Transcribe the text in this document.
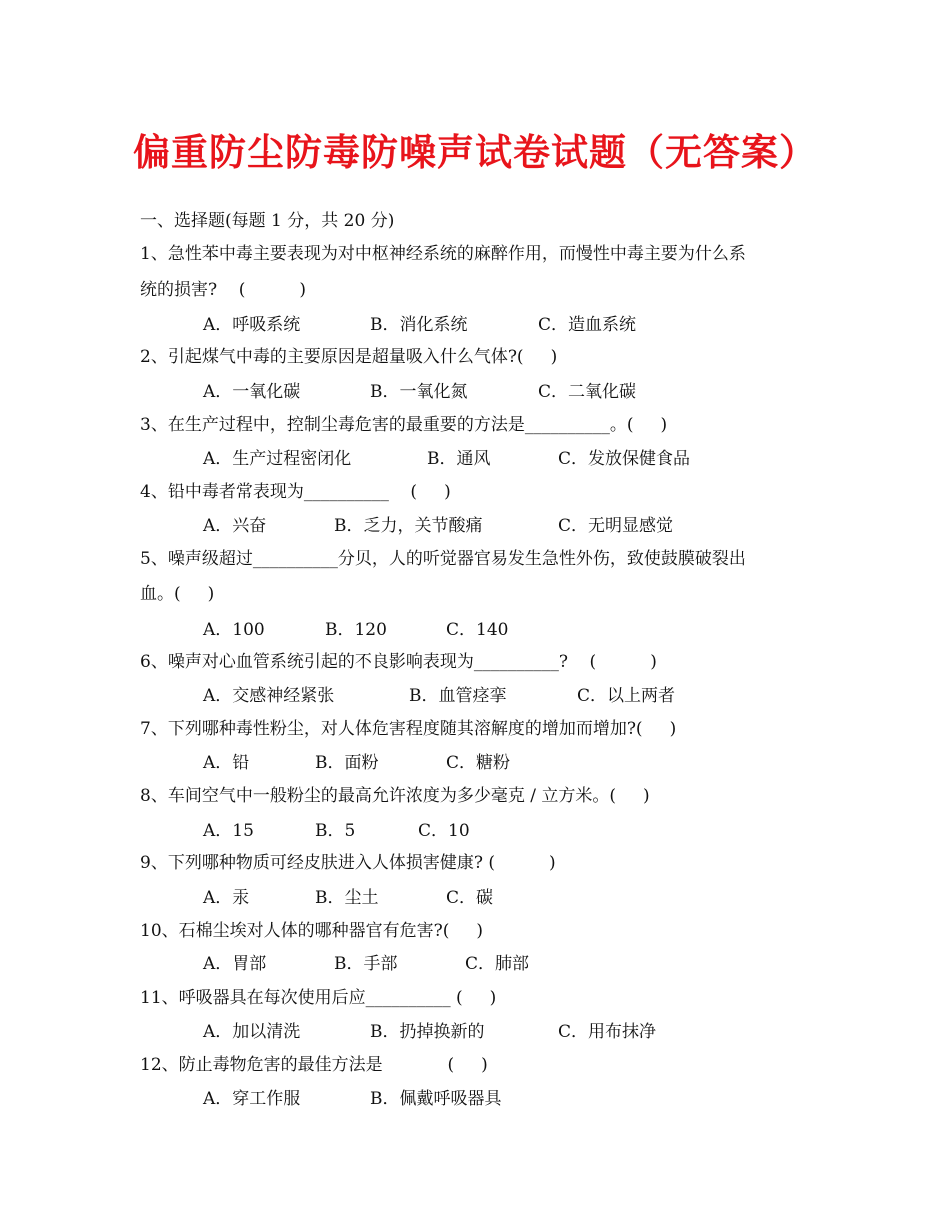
偏重防尘防毒防噪声试卷试题（无答案）
一、选择题(每题 1 分，共 20 分)
1、急性苯中毒主要表现为对中枢神经系统的麻醉作用，而慢性中毒主要为什么系
统的损害?    (          )

A．呼吸系统

	B．消化系统

	C．造血系统

2、引起煤气中毒的主要原因是超量吸入什么气体?(     )

A．一氧化碳

	B．一氧化氮

	C．二氧化碳

3、在生产过程中，控制尘毒危害的最重要的方法是__________。(     )

A．生产过程密闭化

	B．通风

	C．发放保健食品

4、铅中毒者常表现为__________    (     )

A．兴奋

	B．乏力，关节酸痛

	C．无明显感觉

5、噪声级超过__________分贝，人的听觉器官易发生急性外伤，致使鼓膜破裂出
血。(     )

A．100

	B．120

	C．140

6、噪声对心血管系统引起的不良影响表现为__________?    (          )

A．交感神经紧张

	B．血管痉挛

	C．以上两者

7、下列哪种毒性粉尘，对人体危害程度随其溶解度的增加而增加?(     )

A．铅

	B．面粉

	C．糖粉

8、车间空气中一般粉尘的最高允许浓度为多少毫克 / 立方米。(     )

A．15

	B．5

	C．10

9、下列哪种物质可经皮肤进入人体损害健康? (          )

A．汞

	B．尘土

	C．碳

10、石棉尘埃对人体的哪种器官有危害?(     )

A．胃部

	B．手部

	C．肺部

11、呼吸器具在每次使用后应__________ (     )

A．加以清洗

	B．扔掉换新的

	C．用布抹净

12、防止毒物危害的最佳方法是            (     )

A．穿工作服

	B．佩戴呼吸器具
